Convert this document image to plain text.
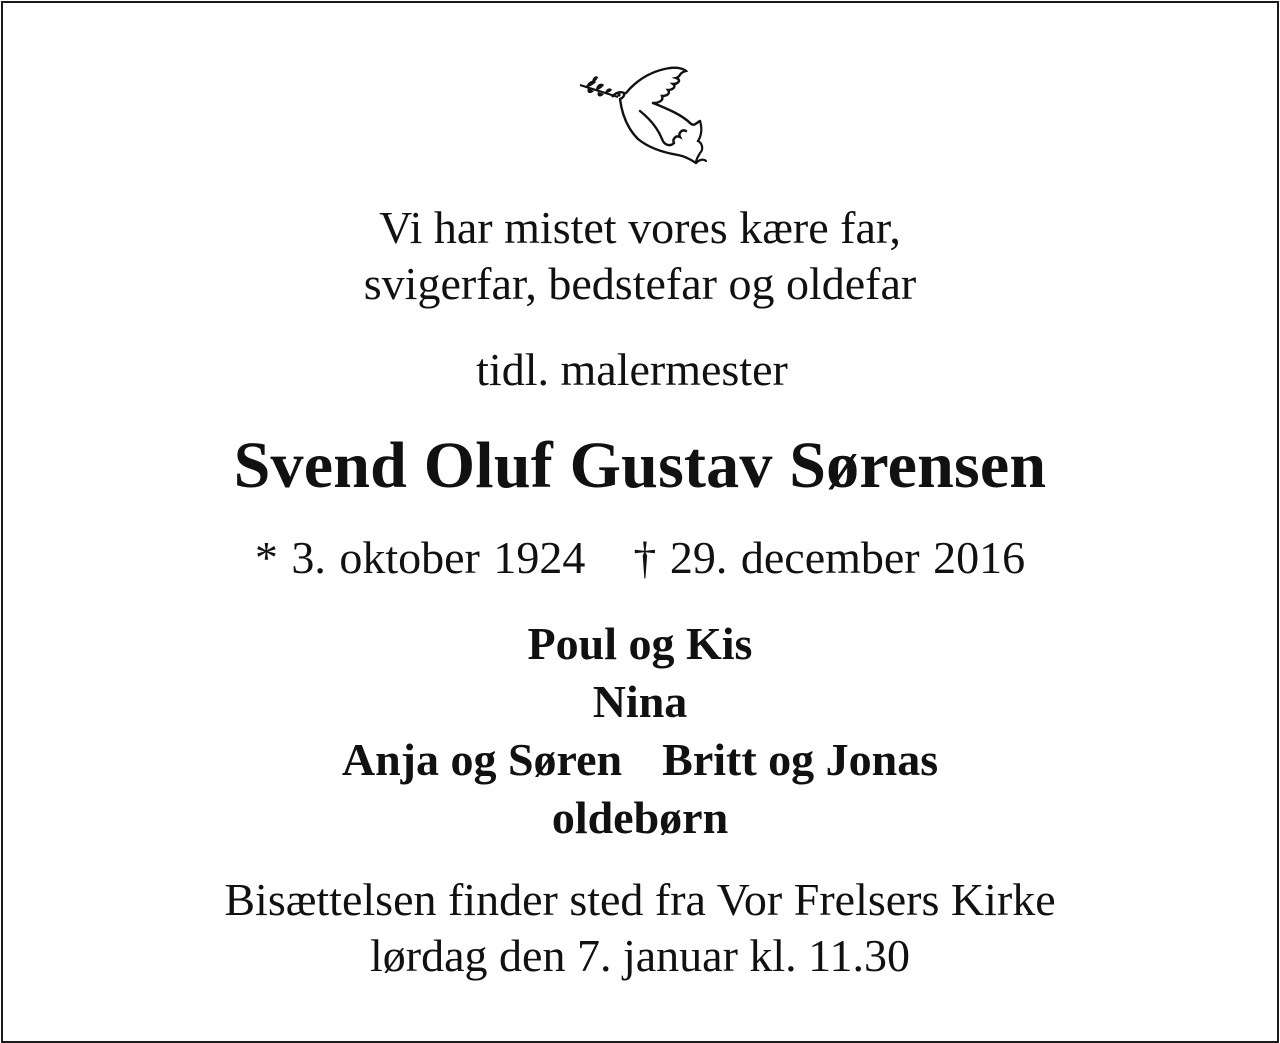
Vi har mistet vores kære far,
svigerfar, bedstefar og oldefar
tidl. malermester
Svend Oluf Gustav Sørensen
* 3. oktober 1924 † 29. december 2016
Poul og Kis
Nina
Anja og Søren Britt og Jonas
oldebørn
Bisættelsen finder sted fra Vor Frelsers Kirke
lørdag den 7. januar kl. 11.30
